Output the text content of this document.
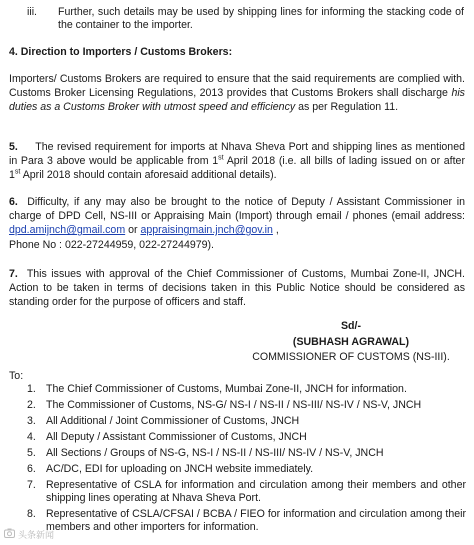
iii. Further, such details may be used by shipping lines for informing the stacking code of the container to the importer.
4. Direction to Importers / Customs Brokers:
Importers/ Customs Brokers are required to ensure that the said requirements are complied with. Customs Broker Licensing Regulations, 2013 provides that Customs Brokers shall discharge his duties as a Customs Broker with utmost speed and efficiency as per Regulation 11.
5. The revised requirement for imports at Nhava Sheva Port and shipping lines as mentioned in Para 3 above would be applicable from 1st April 2018 (i.e. all bills of lading issued on or after 1st April 2018 should contain aforesaid additional details).
6. Difficulty, if any may also be brought to the notice of Deputy / Assistant Commissioner in charge of DPD Cell, NS-III or Appraising Main (Import) through email / phones (email address: dpd.amijnch@gmail.com or appraisingmain.jnch@gov.in ,
Phone No : 022-27244959, 022-27244979).
7. This issues with approval of the Chief Commissioner of Customs, Mumbai Zone-II, JNCH. Action to be taken in terms of decisions taken in this Public Notice should be considered as standing order for the purpose of officers and staff.
Sd/-
(SUBHASH AGRAWAL)
COMMISSIONER OF CUSTOMS (NS-III).
To:
1. The Chief Commissioner of Customs, Mumbai Zone-II, JNCH for information.
2. The Commissioner of Customs, NS-G/ NS-I / NS-II / NS-III/ NS-IV / NS-V, JNCH
3. All Additional / Joint Commissioner of Customs, JNCH
4. All Deputy / Assistant Commissioner of Customs, JNCH
5. All Sections / Groups of NS-G, NS-I / NS-II / NS-III/ NS-IV / NS-V, JNCH
6. AC/DC, EDI for uploading on JNCH website immediately.
7. Representative of CSLA for information and circulation among their members and other shipping lines operating at Nhava Sheva Port.
8. Representative of CSLA/CFSAI / BCBA / FIEO for information and circulation among their members and other importers for information.
头条新闻
